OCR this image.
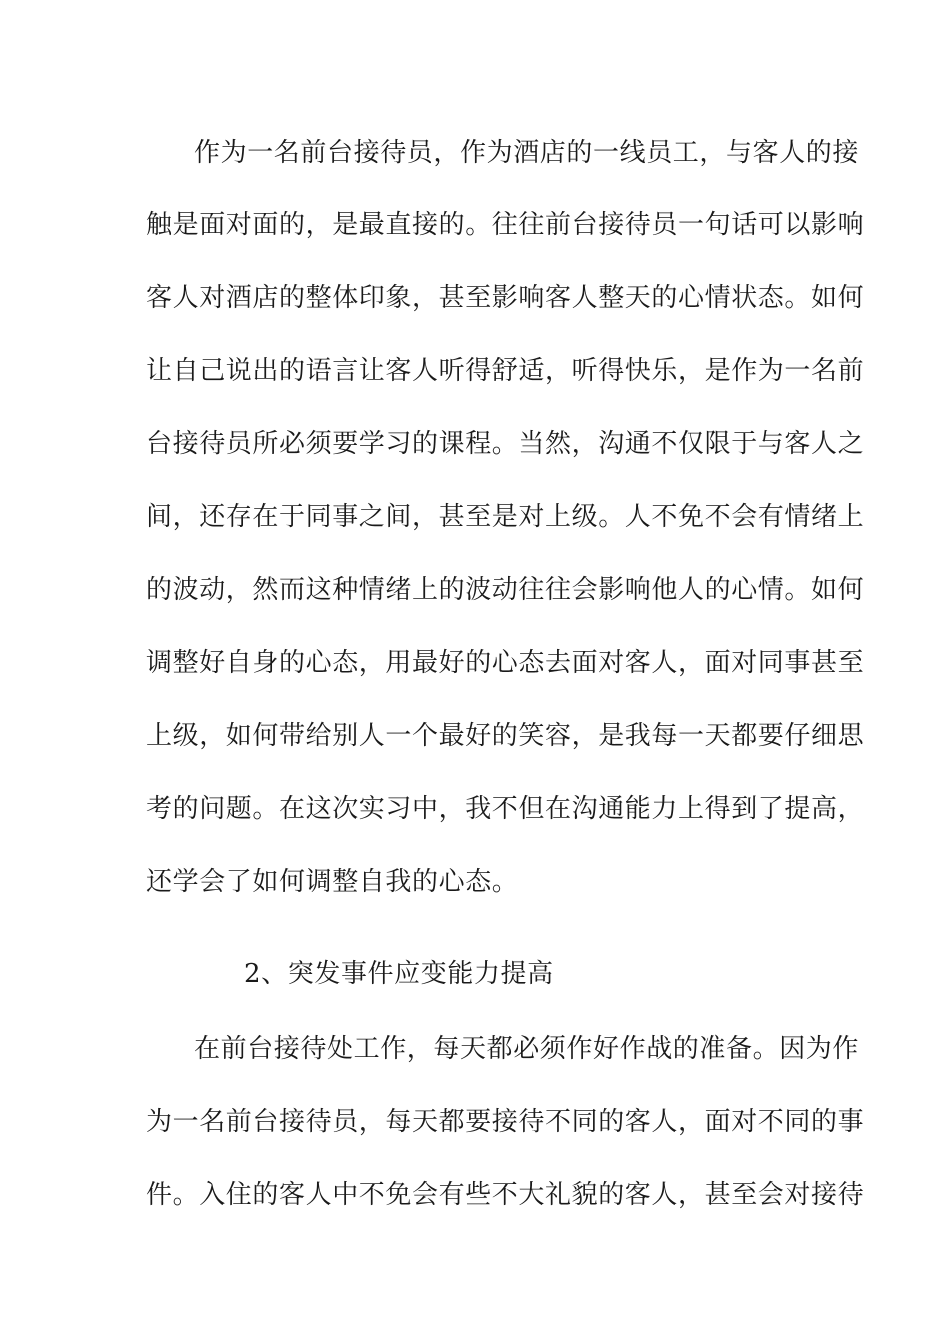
作为一名前台接待员，作为酒店的一线员工，与客人的接
触是面对面的，是最直接的。往往前台接待员一句话可以影响
客人对酒店的整体印象，甚至影响客人整天的心情状态。如何
让自己说出的语言让客人听得舒适，听得快乐，是作为一名前
台接待员所必须要学习的课程。当然，沟通不仅限于与客人之
间，还存在于同事之间，甚至是对上级。人不免不会有情绪上
的波动，然而这种情绪上的波动往往会影响他人的心情。如何
调整好自身的心态，用最好的心态去面对客人，面对同事甚至
上级，如何带给别人一个最好的笑容，是我每一天都要仔细思
考的问题。在这次实习中，我不但在沟通能力上得到了提高，
还学会了如何调整自我的心态。
2、突发事件应变能力提高
在前台接待处工作，每天都必须作好作战的准备。因为作
为一名前台接待员，每天都要接待不同的客人，面对不同的事
件。入住的客人中不免会有些不大礼貌的客人，甚至会对接待
